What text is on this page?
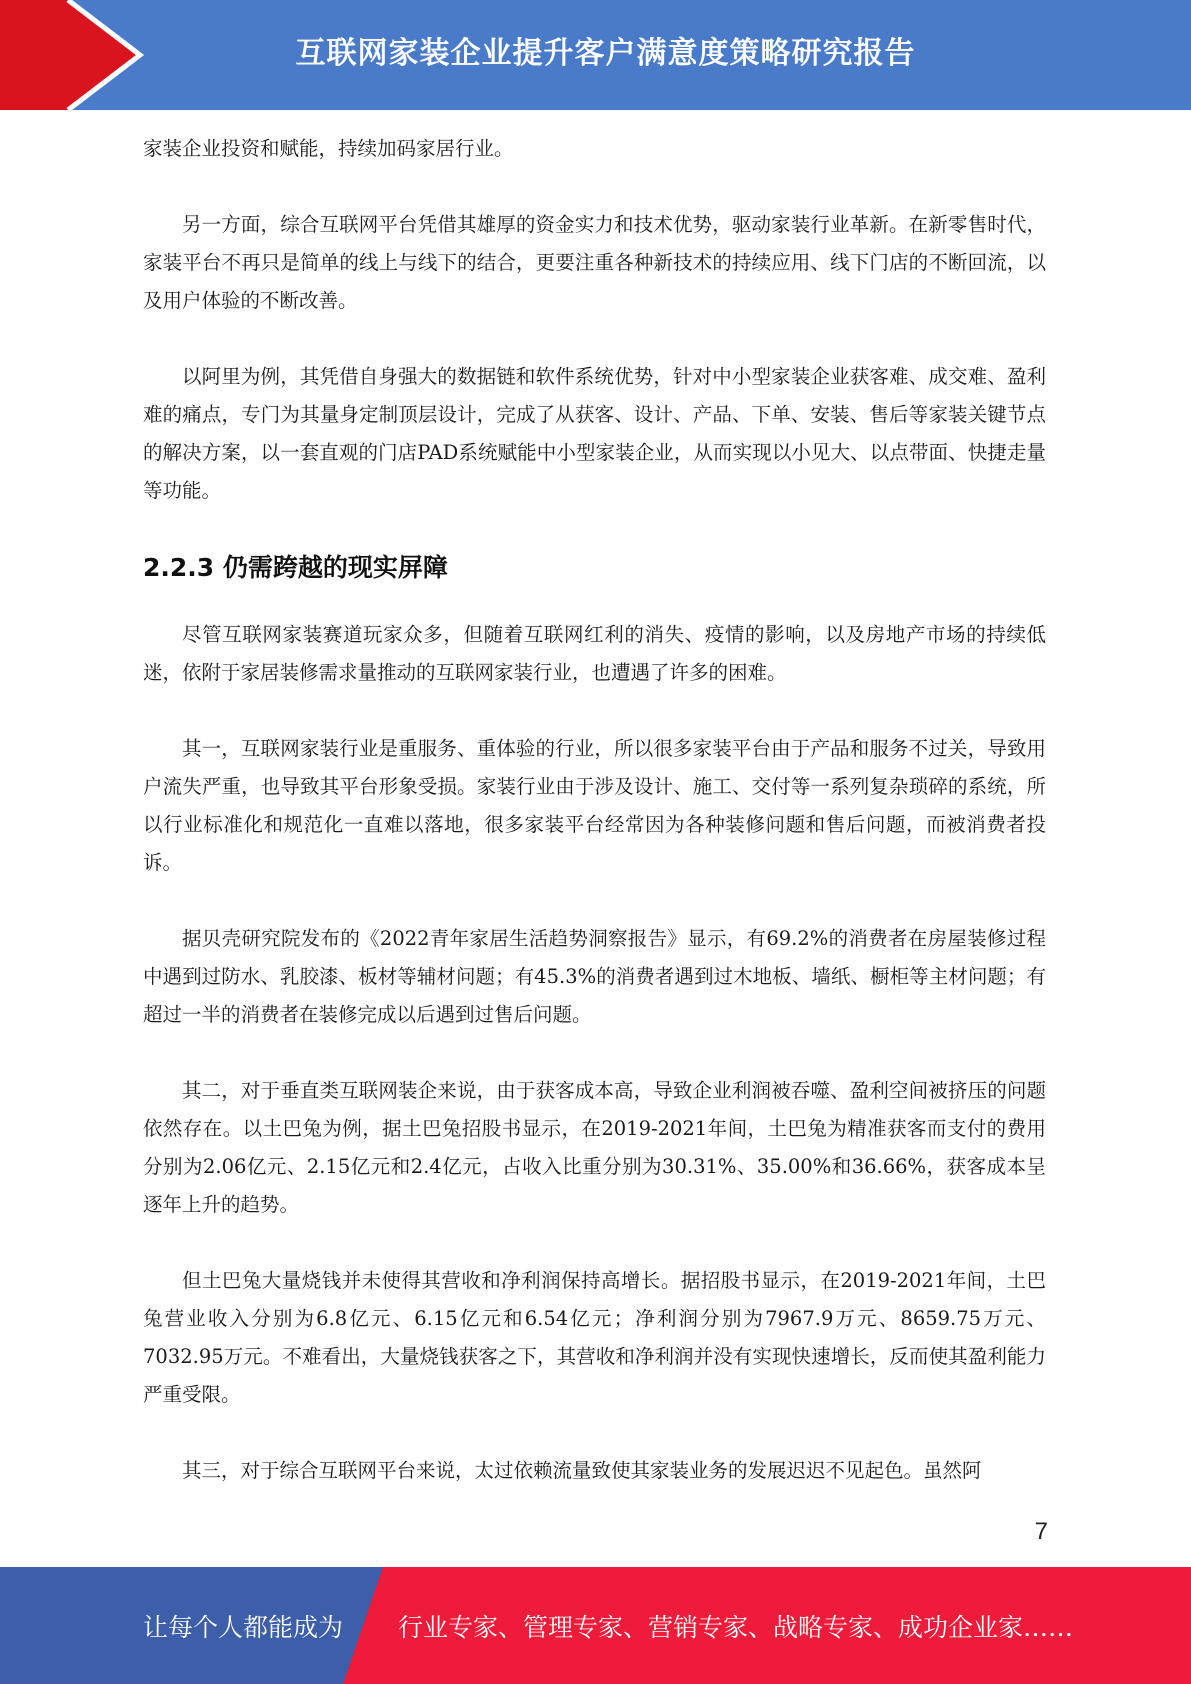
互联网家装企业提升客户满意度策略研究报告

家装企业投资和赋能，持续加码家居行业。

另一方面，综合互联网平台凭借其雄厚的资金实力和技术优势，驱动家装行业革新。在新零售时代，家装平台不再只是简单的线上与线下的结合，更要注重各种新技术的持续应用、线下门店的不断回流，以及用户体验的不断改善。

以阿里为例，其凭借自身强大的数据链和软件系统优势，针对中小型家装企业获客难、成交难、盈利难的痛点，专门为其量身定制顶层设计，完成了从获客、设计、产品、下单、安装、售后等家装关键节点的解决方案，以一套直观的门店PAD系统赋能中小型家装企业，从而实现以小见大、以点带面、快捷走量等功能。

2.2.3 仍需跨越的现实屏障

尽管互联网家装赛道玩家众多，但随着互联网红利的消失、疫情的影响，以及房地产市场的持续低迷，依附于家居装修需求量推动的互联网家装行业，也遭遇了许多的困难。

其一，互联网家装行业是重服务、重体验的行业，所以很多家装平台由于产品和服务不过关，导致用户流失严重，也导致其平台形象受损。家装行业由于涉及设计、施工、交付等一系列复杂琐碎的系统，所以行业标准化和规范化一直难以落地，很多家装平台经常因为各种装修问题和售后问题，而被消费者投诉。

据贝壳研究院发布的《2022青年家居生活趋势洞察报告》显示，有69.2%的消费者在房屋装修过程中遇到过防水、乳胶漆、板材等辅材问题；有45.3%的消费者遇到过木地板、墙纸、橱柜等主材问题；有超过一半的消费者在装修完成以后遇到过售后问题。

其二，对于垂直类互联网装企来说，由于获客成本高，导致企业利润被吞噬、盈利空间被挤压的问题依然存在。以土巴兔为例，据土巴兔招股书显示，在2019-2021年间，土巴兔为精准获客而支付的费用分别为2.06亿元、2.15亿元和2.4亿元，占收入比重分别为30.31%、35.00%和36.66%，获客成本呈逐年上升的趋势。

但土巴兔大量烧钱并未使得其营收和净利润保持高增长。据招股书显示，在2019-2021年间，土巴兔营业收入分别为6.8亿元、6.15亿元和6.54亿元；净利润分别为7967.9万元、8659.75万元、7032.95万元。不难看出，大量烧钱获客之下，其营收和净利润并没有实现快速增长，反而使其盈利能力严重受限。

其三，对于综合互联网平台来说，太过依赖流量致使其家装业务的发展迟迟不见起色。虽然阿

7
让每个人都能成为 行业专家、管理专家、营销专家、战略专家、成功企业家……
